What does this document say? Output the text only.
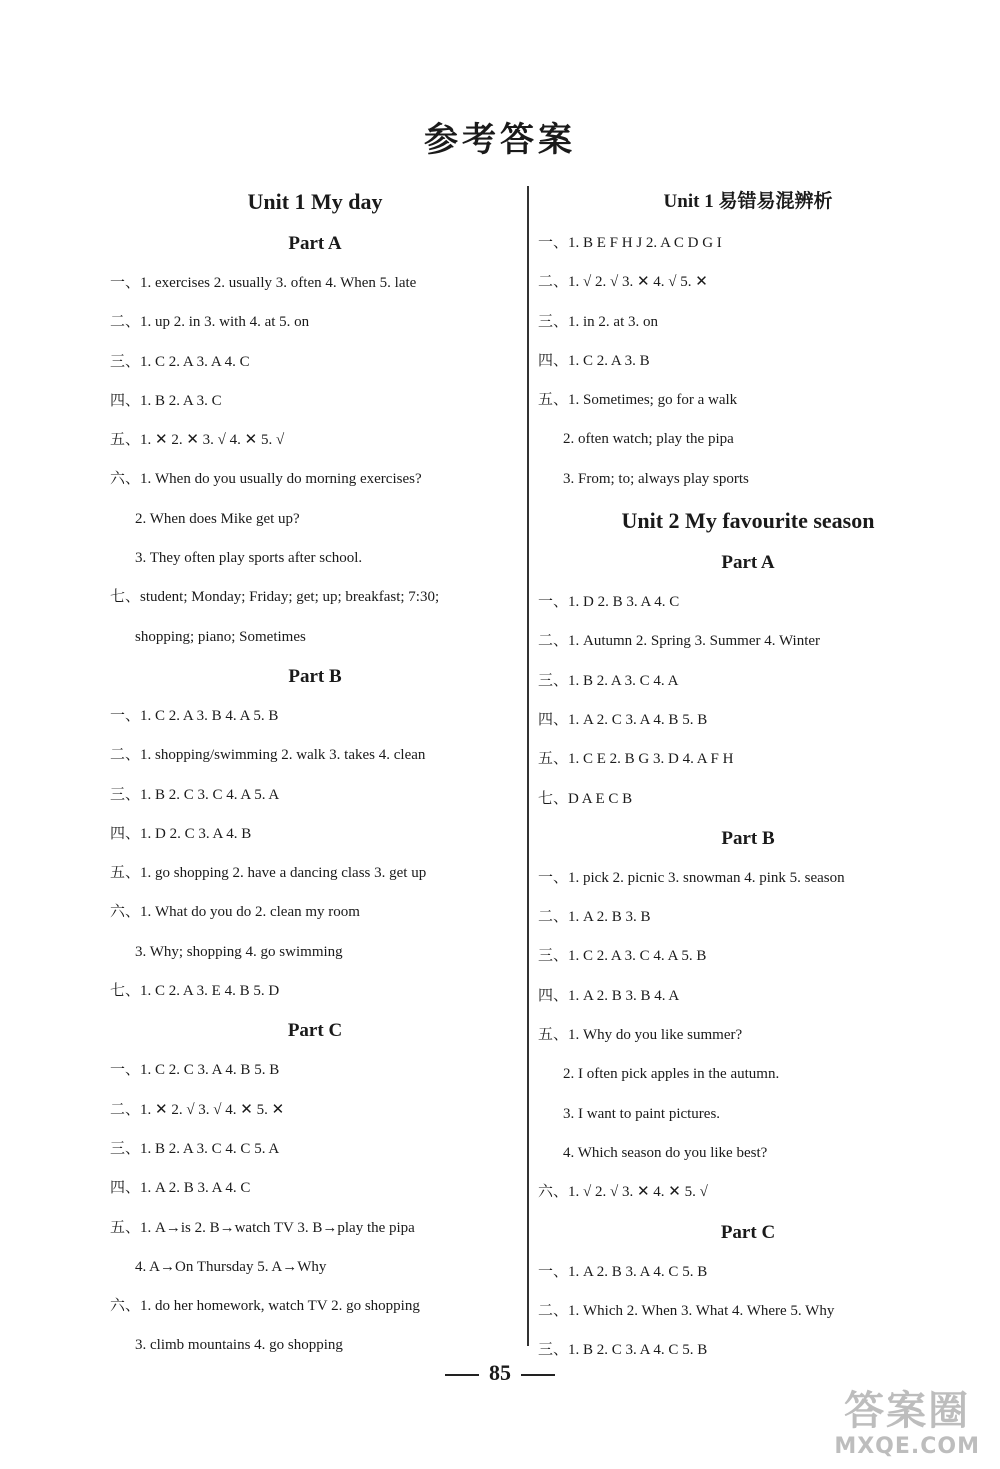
参考答案
Unit 1 My day
Part A
一、1. exercises 2. usually 3. often 4. When 5. late
二、1. up 2. in 3. with 4. at 5. on
三、1. C 2. A 3. A 4. C
四、1. B 2. A 3. C
五、1. ✕ 2. ✕ 3. √ 4. ✕ 5. √
六、1. When do you usually do morning exercises?
2. When does Mike get up?
3. They often play sports after school.
七、student; Monday; Friday; get; up; breakfast; 7:30;
shopping; piano; Sometimes
Part B
一、1. C 2. A 3. B 4. A 5. B
二、1. shopping/swimming 2. walk 3. takes 4. clean
三、1. B 2. C 3. C 4. A 5. A
四、1. D 2. C 3. A 4. B
五、1. go shopping 2. have a dancing class 3. get up
六、1. What do you do 2. clean my room
3. Why; shopping 4. go swimming
七、1. C 2. A 3. E 4. B 5. D
Part C
一、1. C 2. C 3. A 4. B 5. B
二、1. ✕ 2. √ 3. √ 4. ✕ 5. ✕
三、1. B 2. A 3. C 4. C 5. A
四、1. A 2. B 3. A 4. C
五、1. A→is 2. B→watch TV 3. B→play the pipa
4. A→On Thursday 5. A→Why
六、1. do her homework, watch TV 2. go shopping
3. climb mountains 4. go shopping
Unit 1 易错易混辨析
一、1. B E F H J 2. A C D G I
二、1. √ 2. √ 3. ✕ 4. √ 5. ✕
三、1. in 2. at 3. on
四、1. C 2. A 3. B
五、1. Sometimes; go for a walk
2. often watch; play the pipa
3. From; to; always play sports
Unit 2 My favourite season
Part A
一、1. D 2. B 3. A 4. C
二、1. Autumn 2. Spring 3. Summer 4. Winter
三、1. B 2. A 3. C 4. A
四、1. A 2. C 3. A 4. B 5. B
五、1. C E 2. B G 3. D 4. A F H
七、D A E C B
Part B
一、1. pick 2. picnic 3. snowman 4. pink 5. season
二、1. A 2. B 3. B
三、1. C 2. A 3. C 4. A 5. B
四、1. A 2. B 3. B 4. A
五、1. Why do you like summer?
2. I often pick apples in the autumn.
3. I want to paint pictures.
4. Which season do you like best?
六、1. √ 2. √ 3. ✕ 4. ✕ 5. √
Part C
一、1. A 2. B 3. A 4. C 5. B
二、1. Which 2. When 3. What 4. Where 5. Why
三、1. B 2. C 3. A 4. C 5. B
85
答案圈
MXQE.COM
